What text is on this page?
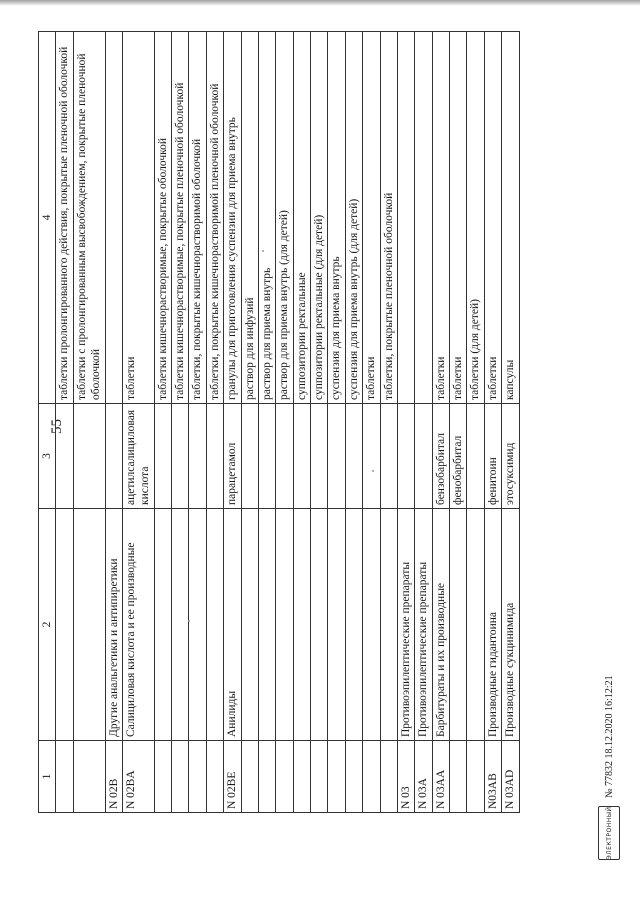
55
1	2	3	4
			таблетки пролонгированного действия, покрытые пленочной оболочкой
			таблетки с пролонгированным высвобождением, покрытые пленочной оболочкой
N 02B	Другие анальгетики и антипиретики		
N 02BA	Салициловая кислота и ее производные	ацетилсалициловая кислота	таблетки
			таблетки кишечнорастворимые, покрытые оболочкой
			таблетки кишечнорастворимые, покрытые пленочной оболочкой
			таблетки, покрытые кишечнорастворимой оболочкой
			таблетки, покрытые кишечнорастворимой пленочной оболочкой
N 02BE	Анилиды	парацетамол	гранулы для приготовления суспензии для приема внутрь
			раствор для инфузий
			раствор для приема внутрь
			раствор для приема внутрь (для детей)
			суппозитории ректальные
			суппозитории ректальные (для детей)
			суспензия для приема внутрь
			суспензия для приема внутрь (для детей)
			таблетки
			таблетки, покрытые пленочной оболочкой
N 03	Противоэпилептические препараты		
N 03A	Противоэпилептические препараты		
N 03AA	Барбитураты и их производные	бензобарбитал	таблетки
		фенобарбитал	таблетки
			таблетки (для детей)
N03AB	Производные гидантоина	фенитоин	таблетки
N 03AD	Производные сукцинимида	этосуксимид	капсулы
ЭЛЕКТРОННЫЙ
№ 77832 18.12.2020 16:12:21
